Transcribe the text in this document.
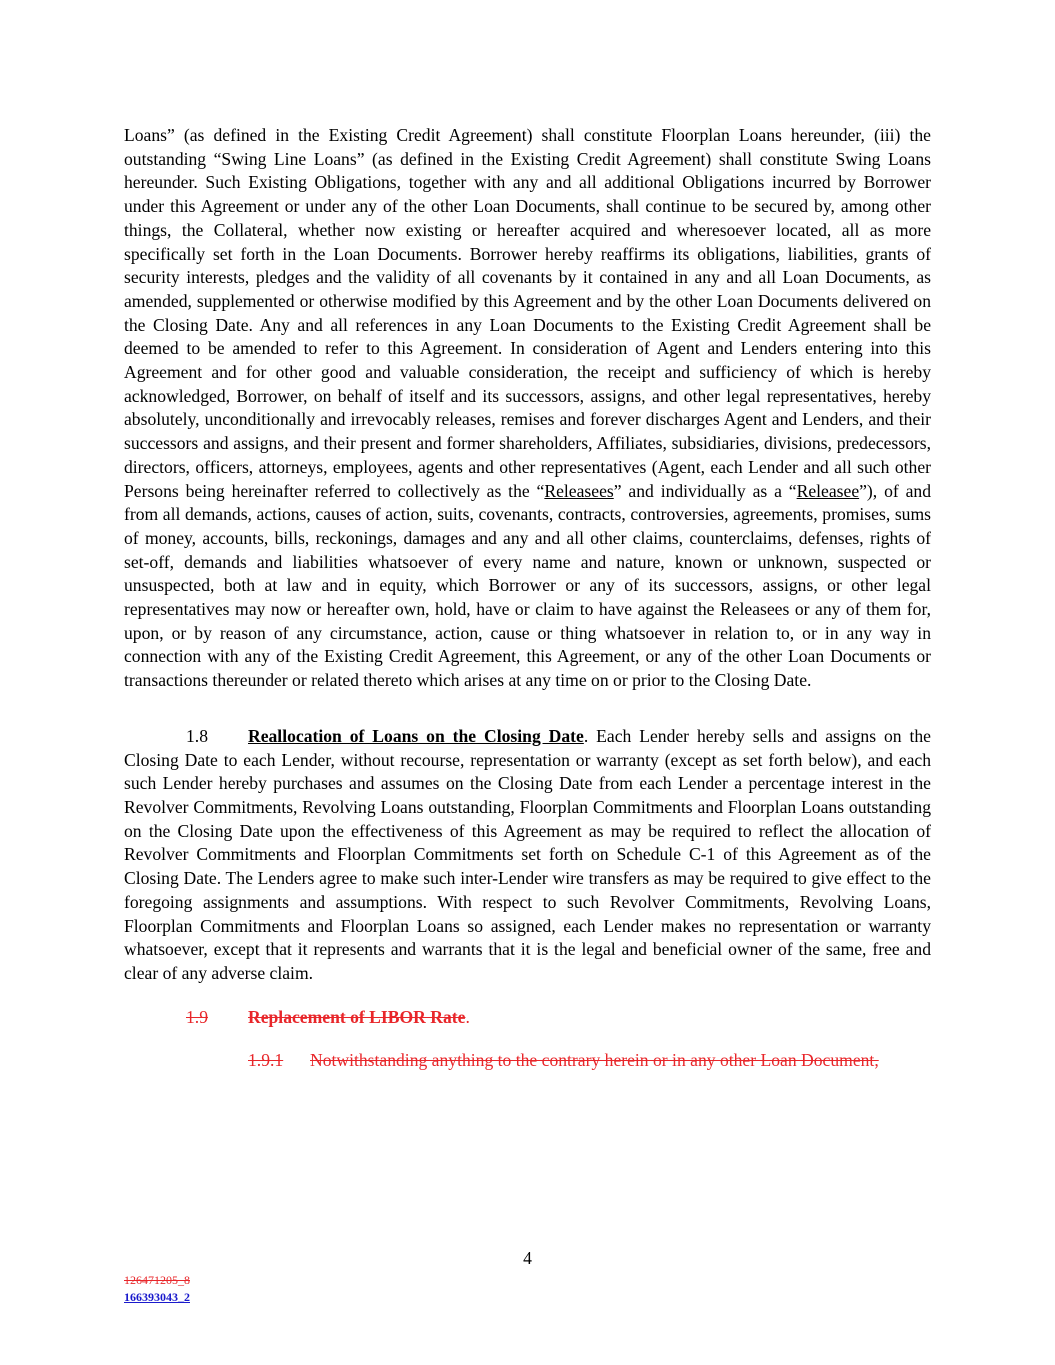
Loans” (as defined in the Existing Credit Agreement) shall constitute Floorplan Loans hereunder, (iii) the outstanding “Swing Line Loans” (as defined in the Existing Credit Agreement) shall constitute Swing Loans hereunder. Such Existing Obligations, together with any and all additional Obligations incurred by Borrower under this Agreement or under any of the other Loan Documents, shall continue to be secured by, among other things, the Collateral, whether now existing or hereafter acquired and wheresoever located, all as more specifically set forth in the Loan Documents. Borrower hereby reaffirms its obligations, liabilities, grants of security interests, pledges and the validity of all covenants by it contained in any and all Loan Documents, as amended, supplemented or otherwise modified by this Agreement and by the other Loan Documents delivered on the Closing Date. Any and all references in any Loan Documents to the Existing Credit Agreement shall be deemed to be amended to refer to this Agreement. In consideration of Agent and Lenders entering into this Agreement and for other good and valuable consideration, the receipt and sufficiency of which is hereby acknowledged, Borrower, on behalf of itself and its successors, assigns, and other legal representatives, hereby absolutely, unconditionally and irrevocably releases, remises and forever discharges Agent and Lenders, and their successors and assigns, and their present and former shareholders, Affiliates, subsidiaries, divisions, predecessors, directors, officers, attorneys, employees, agents and other representatives (Agent, each Lender and all such other Persons being hereinafter referred to collectively as the “Releasees” and individually as a “Releasee”), of and from all demands, actions, causes of action, suits, covenants, contracts, controversies, agreements, promises, sums of money, accounts, bills, reckonings, damages and any and all other claims, counterclaims, defenses, rights of set-off, demands and liabilities whatsoever of every name and nature, known or unknown, suspected or unsuspected, both at law and in equity, which Borrower or any of its successors, assigns, or other legal representatives may now or hereafter own, hold, have or claim to have against the Releasees or any of them for, upon, or by reason of any circumstance, action, cause or thing whatsoever in relation to, or in any way in connection with any of the Existing Credit Agreement, this Agreement, or any of the other Loan Documents or transactions thereunder or related thereto which arises at any time on or prior to the Closing Date.

1.8 Reallocation of Loans on the Closing Date. Each Lender hereby sells and assigns on the Closing Date to each Lender, without recourse, representation or warranty (except as set forth below), and each such Lender hereby purchases and assumes on the Closing Date from each Lender a percentage interest in the Revolver Commitments, Revolving Loans outstanding, Floorplan Commitments and Floorplan Loans outstanding on the Closing Date upon the effectiveness of this Agreement as may be required to reflect the allocation of Revolver Commitments and Floorplan Commitments set forth on Schedule C-1 of this Agreement as of the Closing Date. The Lenders agree to make such inter-Lender wire transfers as may be required to give effect to the foregoing assignments and assumptions. With respect to such Revolver Commitments, Revolving Loans, Floorplan Commitments and Floorplan Loans so assigned, each Lender makes no representation or warranty whatsoever, except that it represents and warrants that it is the legal and beneficial owner of the same, free and clear of any adverse claim.

1.9 Replacement of LIBOR Rate.
1.9.1	Notwithstanding anything to the contrary herein or in any other Loan Document,
4
126471205_8
166393043_2
